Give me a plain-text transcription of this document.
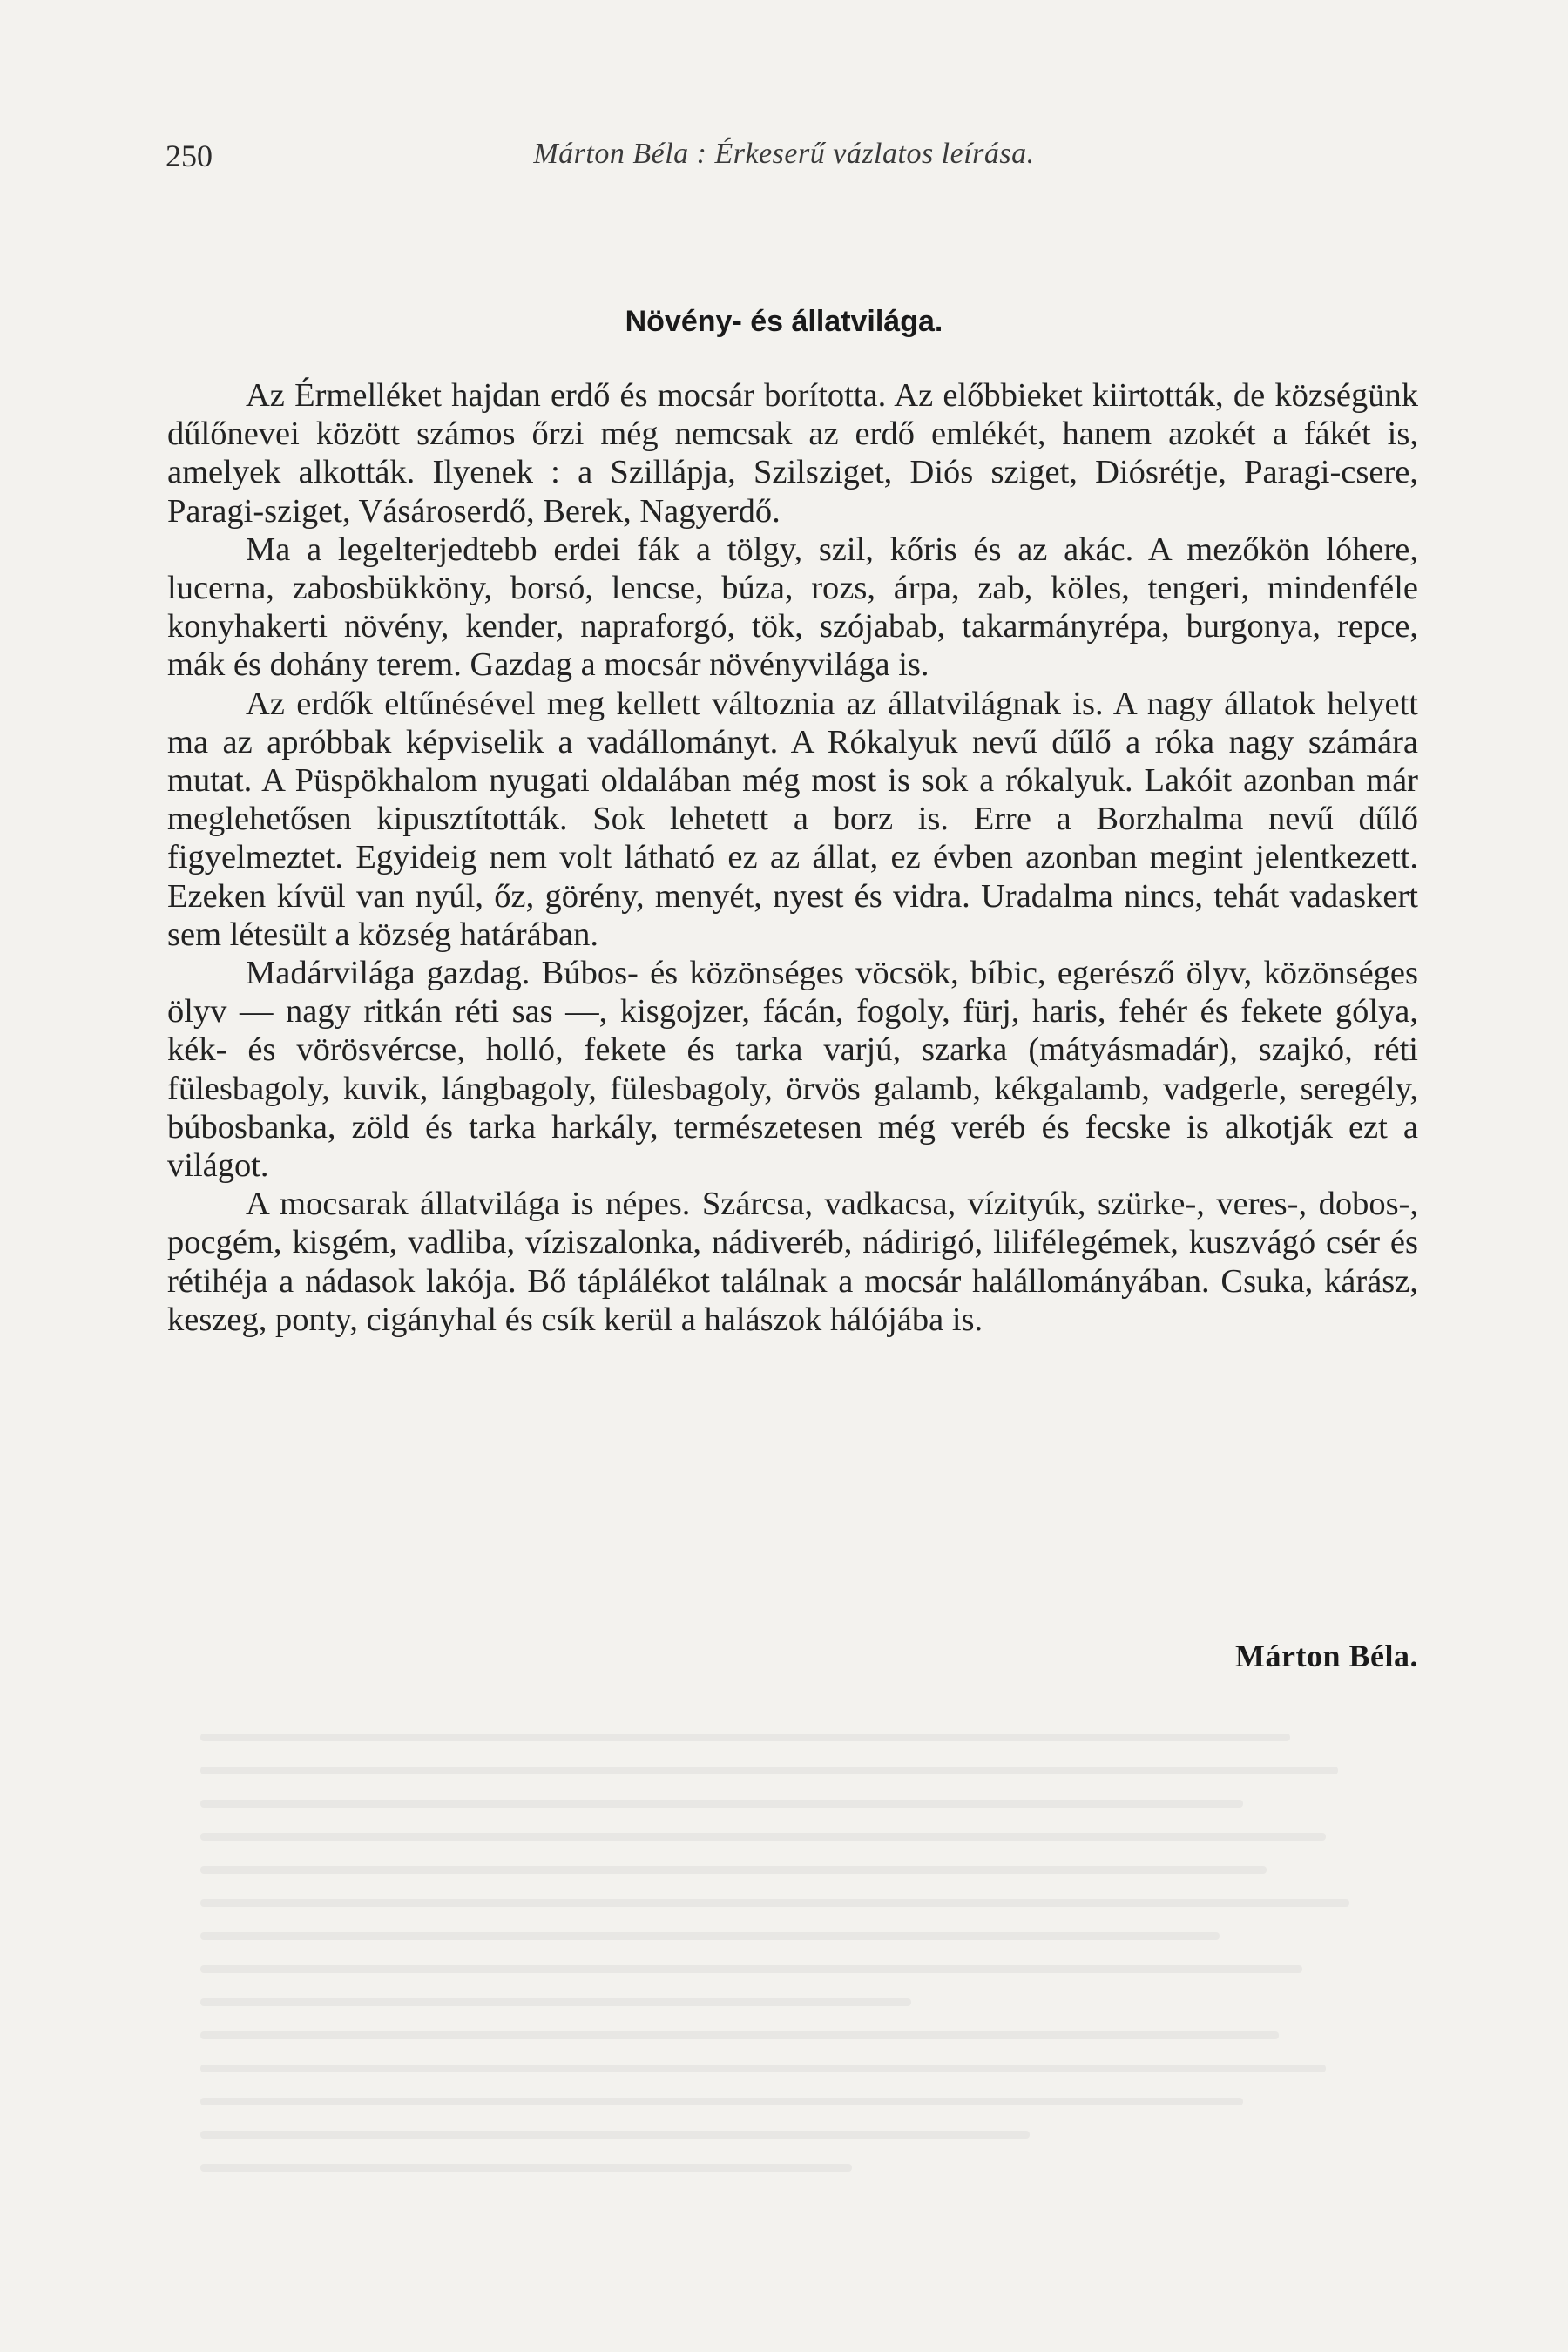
250	Márton Béla : Érkeserű vázlatos leírása.
Növény- és állatvilága.

Az Érmelléket hajdan erdő és mocsár borította. Az előbbieket kiirtották, de községünk dűlőnevei között számos őrzi még nemcsak az erdő emlékét, hanem azokét a fákét is, amelyek alkották. Ilyenek : a Szillápja, Szilsziget, Diós sziget, Diósrétje, Paragi-csere, Paragi-sziget, Vásároserdő, Berek, Nagyerdő.

Ma a legelterjedtebb erdei fák a tölgy, szil, kőris és az akác. A mezőkön lóhere, lucerna, zabosbükköny, borsó, lencse, búza, rozs, árpa, zab, köles, tengeri, mindenféle konyhakerti növény, kender, napraforgó, tök, szójabab, takarmányrépa, burgonya, repce, mák és dohány terem. Gazdag a mocsár növényvilága is.

Az erdők eltűnésével meg kellett változnia az állatvilágnak is. A nagy állatok helyett ma az apróbbak képviselik a vadállományt. A Rókalyuk nevű dűlő a róka nagy számára mutat. A Püspökhalom nyugati oldalában még most is sok a rókalyuk. Lakóit azonban már meglehetősen kipusztították. Sok lehetett a borz is. Erre a Borzhalma nevű dűlő figyelmeztet. Egyideig nem volt látható ez az állat, ez évben azonban megint jelentkezett. Ezeken kívül van nyúl, őz, görény, menyét, nyest és vidra. Uradalma nincs, tehát vadaskert sem létesült a község határában.

Madárvilága gazdag. Búbos- és közönséges vöcsök, bíbic, egerésző ölyv, közönséges ölyv — nagy ritkán réti sas —, kisgojzer, fácán, fogoly, fürj, haris, fehér és fekete gólya, kék- és vörösvércse, holló, fekete és tarka varjú, szarka (mátyásmadár), szajkó, réti fülesbagoly, kuvik, lángbagoly, fülesbagoly, örvös galamb, kékgalamb, vadgerle, seregély, búbosbanka, zöld és tarka harkály, természetesen még veréb és fecske is alkotják ezt a világot.

A mocsarak állatvilága is népes. Szárcsa, vadkacsa, vízityúk, szürke-, veres-, dobos-, pocgém, kisgém, vadliba, víziszalonka, nádiveréb, nádirigó, lilifélegémek, kuszvágó csér és rétihéja a nádasok lakója. Bő táplálékot találnak a mocsár halállományában. Csuka, kárász, keszeg, ponty, cigányhal és csík kerül a halászok hálójába is.

Márton Béla.
